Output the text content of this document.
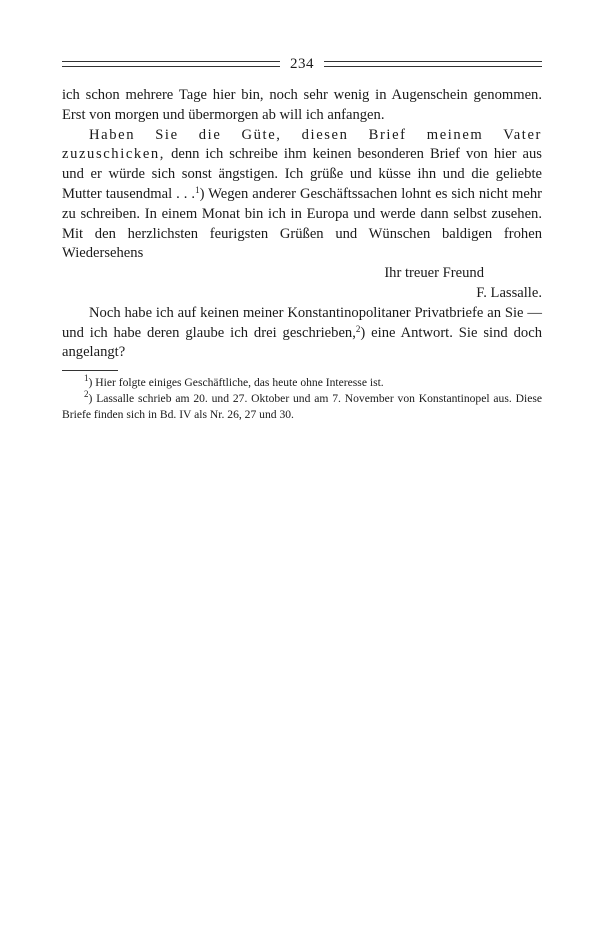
234

ich schon mehrere Tage hier bin, noch sehr wenig in Augenschein genommen. Erst von morgen und übermorgen ab will ich anfangen.

Haben Sie die Güte, diesen Brief meinem Vater zuzuschicken, denn ich schreibe ihm keinen besonderen Brief von hier aus und er würde sich sonst ängstigen. Ich grüße und küsse ihn und die geliebte Mutter tausendmal . . .$^1$) Wegen anderer Geschäftssachen lohnt es sich nicht mehr zu schreiben. In einem Monat bin ich in Europa und werde dann selbst zusehen. Mit den herzlichsten feurigsten Grüßen und Wünschen baldigen frohen Wiedersehens

Ihr treuer Freund

F. Lassalle.

Noch habe ich auf keinen meiner Konstantinopolitaner Privatbriefe an Sie — und ich habe deren glaube ich drei geschrieben,$^2$) eine Antwort. Sie sind doch angelangt?

$^1$) Hier folgte einiges Geschäftliche, das heute ohne Interesse ist.

$^2$) Lassalle schrieb am 20. und 27. Oktober und am 7. November von Konstantinopel aus. Diese Briefe finden sich in Bd. IV als Nr. 26, 27 und 30.
